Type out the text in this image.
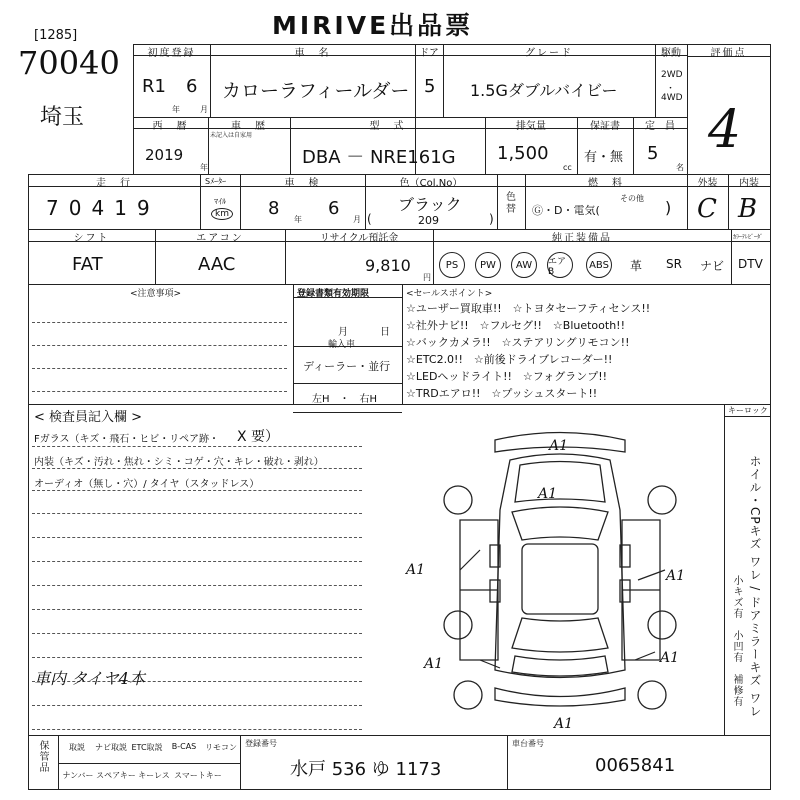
MIRIVE出品票
[1285]
70040
埼玉
初度登録
R1 6
年	月
車　名
カローラフィールダー
ドア
5
グレード
1.5Gダブルバイビー
駆動
2WD
・
4WD
評価点
4
西　暦
2019
年
車　歴
未記入は自家用
型　式
DBA － NRE161G
排気量
1,500
cc
保証書
有・無
定　員
5
名
走　行
7 0 4 1 9
Sﾒｰﾀｰ
ﾏｲﾙ
km
車　検
8
年
6
月
色（Col.No）
ブラック
(	209	)
色替
燃　料
Ⓖ・D・電気(
その他 )
外装
C
内装
B
シフト
FAT
エアコン
AAC
リサイクル預託金
9,810
円
純正装備品
PS	PW	AW	エアB
ABS 革 SR ナビ DTV
ｶﾗｰﾃﾚﾋﾞｰﾀﾞ
<注意事項>	登録書類有効期限
月	日
輸入車
ディーラー・並行
左H　・　右H
<セールスポイント>
☆ユーザー買取車!!　☆トヨタセーフティセンス!!
☆社外ナビ!!　☆フルセグ!!　☆Bluetooth!!
☆バックカメラ!!　☆ステアリングリモコン!!
☆ETC2.0!!　☆前後ドライブレコーダー!!
☆LEDヘッドライト!!　☆フォグランプ!!
☆TRDエアロ!!　☆プッシュスタート!!
< 検査員記入欄 >
Fガラス（キズ・飛石・ヒビ・リペア跡・ X 要）
内装（キズ・汚れ・焦れ・シミ・コゲ・穴・キレ・破れ・剥れ）
オーディオ（無し・穴）/ タイヤ（スタッドレス）
車内 タイヤ4本
キーロック
ホイル・CPキズ ワレ / ドアミラーキズ ワレ
小キズ有　小凹有　補修有
A1
A1
A1	A1
A1	A1
A1
保管品	取説	ナビ取説 ETC取説	B-CAS	リモコン
ナンバー スペアキー キーレス スマートキー
登録番号
水戸 536 ゆ 1173
車台番号
0065841
